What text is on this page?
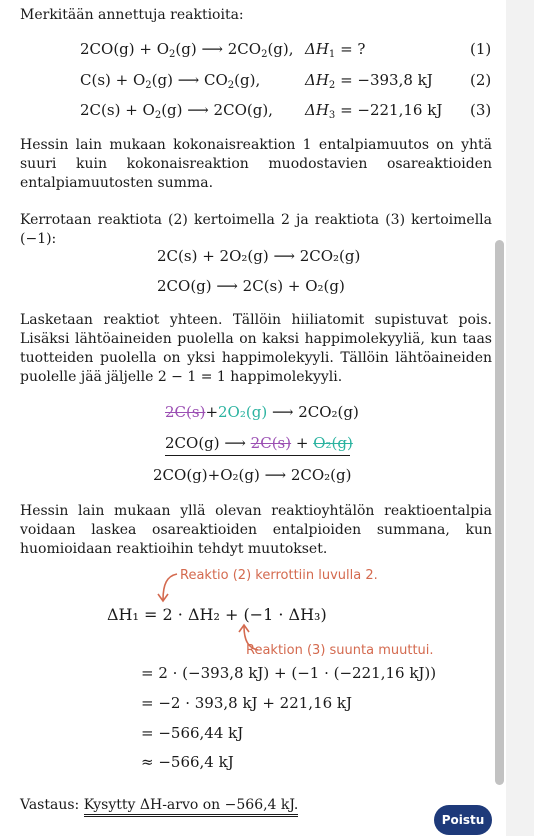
Merkitään annettuja reaktioita:

$2CO(g) + O_2(g)$ ⟶ $2CO_2(g)$, $\Delta H_1$ = ?	(1)
$C(s) + O_2(g)$ ⟶ $CO_2(g)$,	$\Delta H_2 = -393,8$ kJ (2)
$2C(s) + O_2(g)$ ⟶ 2CO(g), $\Delta H_3 = -221,16$ kJ (3)

Hessin lain mukaan kokonaisreaktion 1 entalpiamuutos on yhtä suuri kuin kokonaisreaktion muodostavien osareaktioiden entalpiamuutosten summa.

Kerrotaan reaktiota (2) kertoimella 2 ja reaktiota (3) kertoimella (−1):

2C(s) + 2O₂(g) ⟶ 2CO₂(g)
2CO(g) ⟶ 2C(s) + O₂(g)

Lasketaan reaktiot yhteen. Tällöin hiiliatomit supistuvat pois. Lisäksi lähtöaineiden puolella on kaksi happimolekyyliä, kun taas tuotteiden puolella on yksi happimolekyyli. Tällöin lähtöaineiden puolelle jää jäljelle 2 − 1 = 1 happimolekyyli.

2C(s)+2O₂(g) ⟶ 2CO₂(g)
2CO(g) ⟶ 2C(s) + O₂(g)
2CO(g)+O₂(g) ⟶ 2CO₂(g)

Hessin lain mukaan yllä olevan reaktioyhtälön reaktioentalpia voidaan laskea osareaktioiden entalpioiden summana, kun huomioidaan reaktioihin tehdyt muutokset.

Reaktio (2) kerrottiin luvulla 2.
ΔH₁ = 2 · ΔH₂ + (−1 · ΔH₃)
Reaktion (3) suunta muuttui.
= 2 · (−393,8 kJ) + (−1 · (−221,16 kJ))
= −2 · 393,8 kJ + 221,16 kJ
= −566,44 kJ
≈ −566,4 kJ

Vastaus: Kysytty ΔH-arvo on −566,4 kJ.

Poistu
